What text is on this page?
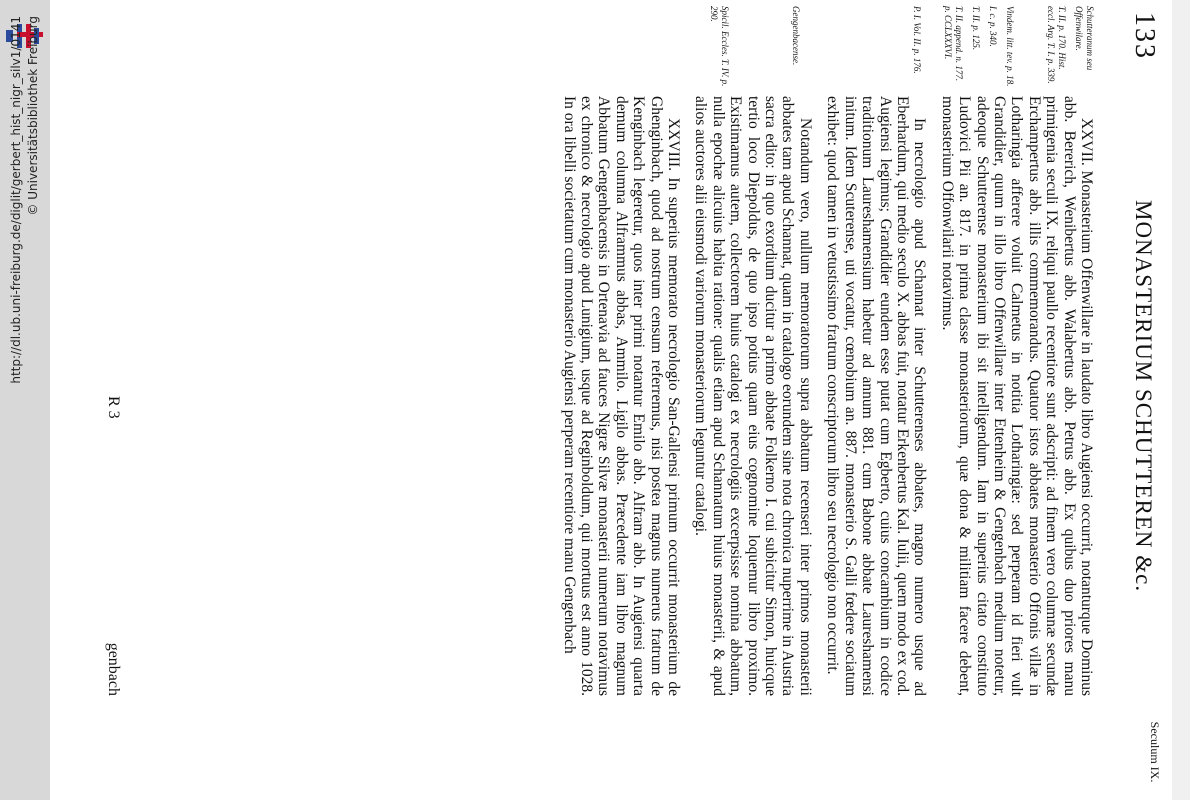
http://dl.ub.uni-freiburg.de/diglit/gerbert_hist_nigr_silv1/0141 © Universitätsbibliothek Freiburg	133
MONASTERIUM SCHUTTEREN &c.
Seculum IX.
Schutteranum seu Offenwilare.
T. II. p. 170. Hist. eccl. Arg. T. I. p. 339.
Vindem. litt. tev. p. 18.
I. c. p. 340.
T. II. p. 125.
T. II. append. n. 177. p. CCLXXXVI.
P. I. Vol. II. p. 176.
Gengenbacense.
Spicil. Eccles. T. IV. p. 290.

XXVII. Monasterium Offenwillare in laudato libro Augiensi occurrit, notanturque Dominus abb. Bererich, Wenibertus abb. Walabertus abb. Petrus abb. Ex quibus duo priores manu primigenia seculi IX. reliqui paullo recentiore sunt adscripti: ad finem vero columnæ secundæ Erchampertus abb. illis commemorandus. Quatuor istos abbates monasterio Offonis villæ in Lotharingia afferere voluit Calmetus in notitia Lotharingiæ: sed perperam id fieri vult Grandidier, quum in illo libro Offenwillare inter Ettenheim & Gengenbach medium notetur, adeoque Schutterense monasterium ibi sit intelligendum. Iam in superius citato constituto Ludovici Pii an. 817. in prima classe monasteriorum, quæ dona & militiam facere debent, monasterium Offonwilarii notavimus.

In necrologio apud Schannat inter Schutterenses abbates, magno numero usque ad Eberhardum, qui medio seculo X. abbas fuit, notatur Erkenbertus Kal. Iulii, quem modo ex cod. Augiensi legimus; Grandidier eundem esse putat cum Egberto, cuius concambium in codice traditionum Laureshamensium habetur ad annum 881. cum Babone abbate Laureshamensi initum. Idem Scuterense, uti vocatur, cœnobium an. 887. monasterio S. Galli fœdere sociatum exhibet: quod tamen in vetustissimo fratrum conscriptorum libro seu necrologio non occurrit.

Notandum vero, nullum memoratorum supra abbatum recenseri inter primos monasterii abbates tam apud Schannat, quam in catalogo eorundem sine nota chronica nuperrime in Austria sacra edito: in quo exordium ducitur a primo abbate Folkerno I. cui subicitur Simon, huicque tertio loco Diepoldus, de quo ipso potius quam eius cognomine loquemur libro proximo. Existimamus autem, collectorem huius catalogi ex necrologiis excerpsisse nomina abbatum, nulla epochæ alicuius habita ratione: qualis etiam apud Schannatum huius monasterii, & apud alios auctores alii eiusmodi variorum monasteriorum leguntur catalogi.

XXVIII. In superius memorato necrologio San-Gallensi primum occurrit monasterium de Ghenginbach, quod ad nostrum censum referremus, nisi postea magnus numerus fratrum de Kenginbach legeretur, quos inter primi notantur Emilo abb. Alfram abb. In Augiensi quarta demum columna Alframmus abbas, Ammilo. Ligilo abbas. Præcedente iam libro magnum Abbatum Gengenbacensis in Ortenavia ad fauces Nigræ Silvæ monasterii numerum notavimus ex chronico & necrologio apud Lunigium, usque ad Reginboldum, qui mortuus est anno 1028. In ora libelli societatum cum monasterio Augiensi perperam recentiore manu Gengenbach

R 3
genbach
